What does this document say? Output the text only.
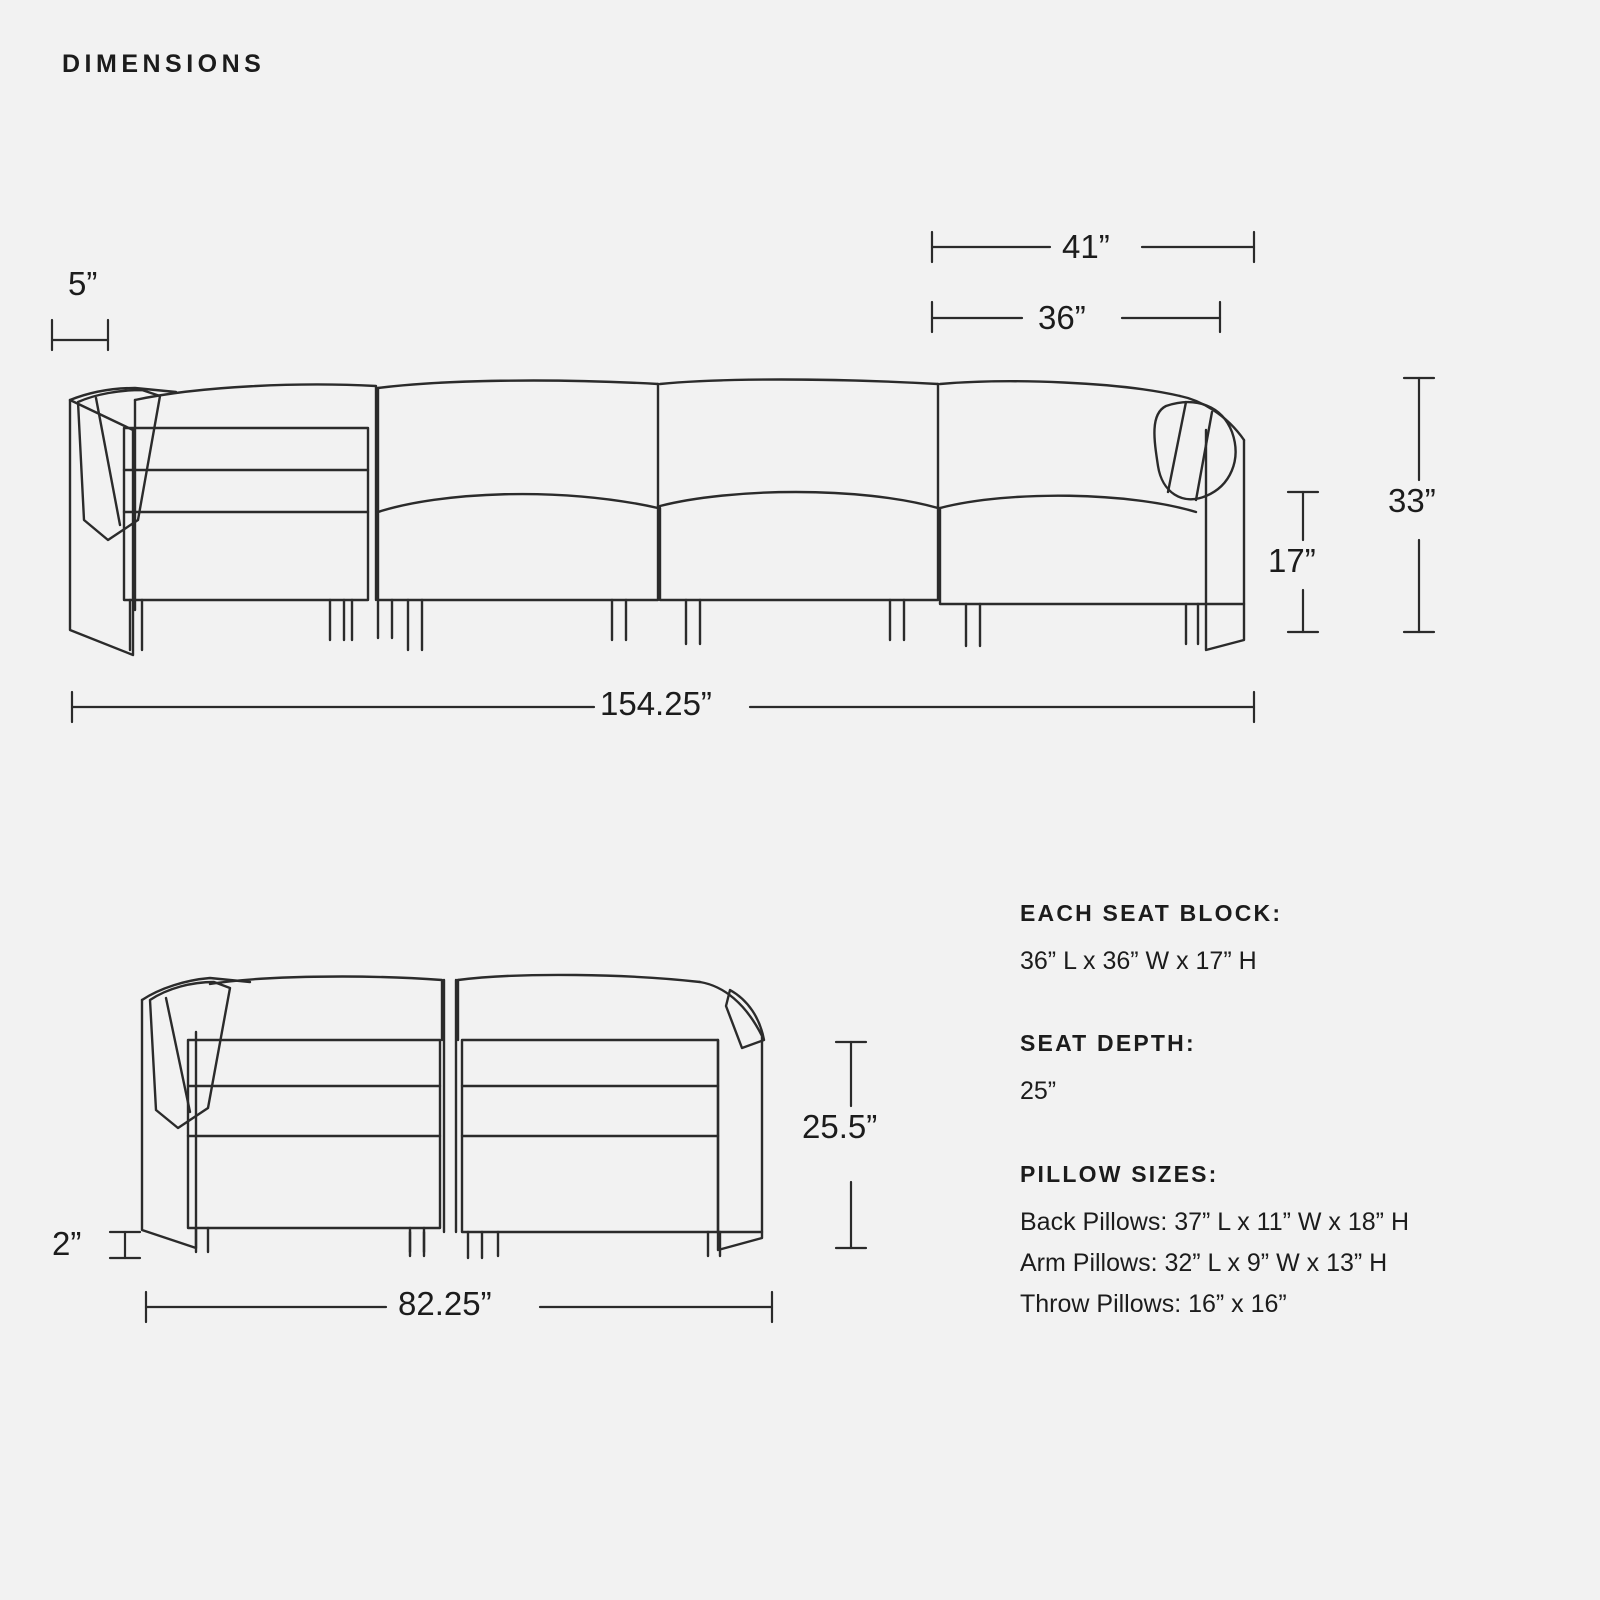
DIMENSIONS
5”
41”
36”
17”
33”
154.25”
2”
25.5”
82.25”
EACH SEAT BLOCK:
36” L x 36” W x 17” H
SEAT DEPTH:
25”
PILLOW SIZES:
Back Pillows: 37” L x 11” W x 18” H
Arm Pillows: 32” L x 9” W x 13” H
Throw Pillows: 16” x 16”
